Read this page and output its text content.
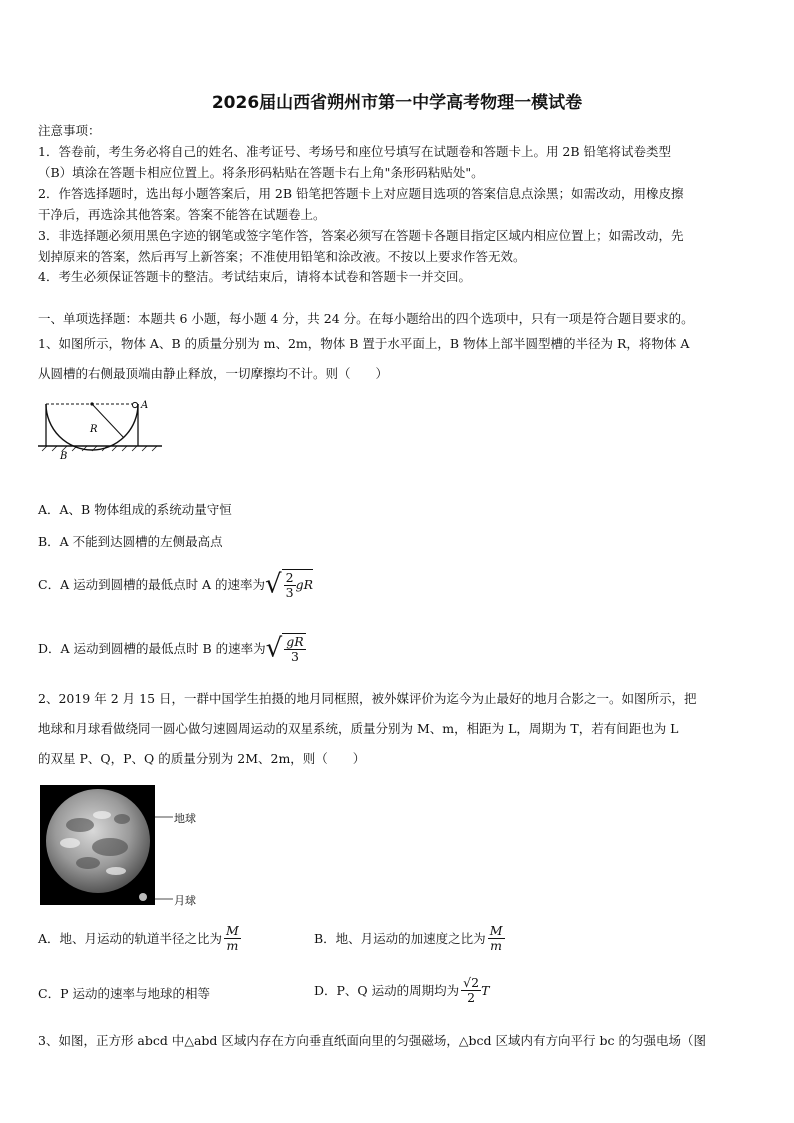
2026届山西省朔州市第一中学高考物理一模试卷
注意事项：
1．答卷前，考生务必将自己的姓名、准考证号、考场号和座位号填写在试题卷和答题卡上。用 2B 铅笔将试卷类型
（B）填涂在答题卡相应位置上。将条形码粘贴在答题卡右上角"条形码粘贴处"。
2．作答选择题时，选出每小题答案后，用 2B 铅笔把答题卡上对应题目选项的答案信息点涂黑；如需改动，用橡皮擦
干净后，再选涂其他答案。答案不能答在试题卷上。
3．非选择题必须用黑色字迹的钢笔或签字笔作答，答案必须写在答题卡各题目指定区域内相应位置上；如需改动，先
划掉原来的答案，然后再写上新答案；不准使用铅笔和涂改液。不按以上要求作答无效。
4．考生必须保证答题卡的整洁。考试结束后，请将本试卷和答题卡一并交回。
一、单项选择题：本题共 6 小题，每小题 4 分，共 24 分。在每小题给出的四个选项中，只有一项是符合题目要求的。
1、如图所示，物体 A、B 的质量分别为 m、2m，物体 B 置于水平面上，B 物体上部半圆型槽的半径为 R，将物体 A
从圆槽的右侧最顶端由静止释放，一切摩擦均不计。则（　　）
A
R
B
A．A、B 物体组成的系统动量守恒
B．A 不能到达圆槽的左侧最高点
C．A 运动到圆槽的最低点时 A 的速率为 √ $\frac{2}{3}$ gR
D．A 运动到圆槽的最低点时 B 的速率为 √ $\frac{gR}{3}$
2、2019 年 2 月 15 日，一群中国学生拍摄的地月同框照，被外媒评价为迄今为止最好的地月合影之一。如图所示，把
地球和月球看做绕同一圆心做匀速圆周运动的双星系统，质量分别为 M、m，相距为 L，周期为 T，若有间距也为 L
的双星 P、Q，P、Q 的质量分别为 2M、2m，则（　　）
地球
月球
A．地、月运动的轨道半径之比为 $\frac{M}{m}$	B．地、月运动的加速度之比为 $\frac{M}{m}$
C．P 运动的速率与地球的相等	D．P、Q 运动的周期均为 $\frac{√2}{2}$ T
3、如图，正方形 abcd 中△abd 区域内存在方向垂直纸面向里的匀强磁场，△bcd 区域内有方向平行 bc 的匀强电场（图
